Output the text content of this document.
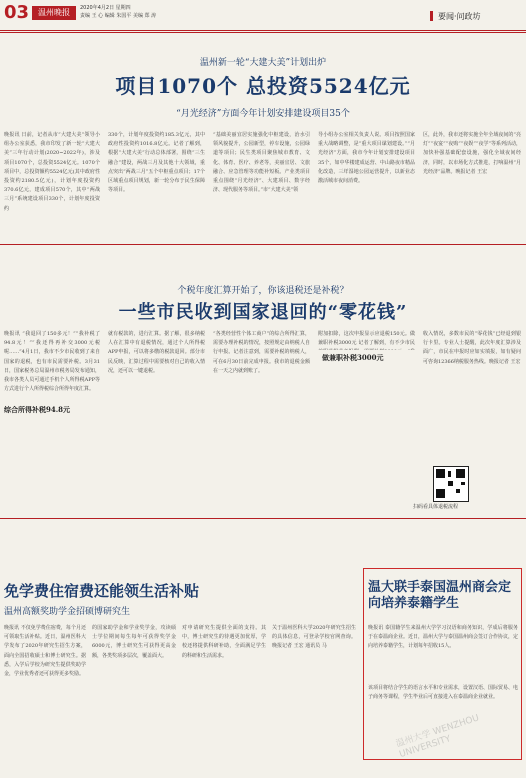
03	温州晚报	2020年4月2日 星期四
责编 王 心 编辑 朱国平 美编 郑 涛	要闻·问政坊
温州新一轮“大建大美”计划出炉
项目1070个 总投资5524亿元
“月光经济”方面今年计划安排建设项目35个
晚报讯 日前，记者从市“大建大美”领导小组办公室获悉，我市印发了新一轮“大建大美”三年行动计划(2020~2022年)，涉及项目1070个，总投资5524亿元。1070个项目中，总投资额约5524亿元(其中政府性投资约2180.5亿元)，计划年度投资约370.6亿元，建成项目570个，其中“两战三月”系统建设项目330个，计划年度投资约
330个，计划年度投资约185.3亿元，其中政府性投资约1016.8亿元。记者了解到，根据“大建大美”行动总体部署，围绕“三生融合”建设，两战三月及其他十大领域，重点突出“两战三月”五个中枢重点项目；17个区域重点项目规划，新一轮分布于民生保障等项目。
“基础美丽宜居实施强化中枢建设，治水引领风貌提升，公园新型，停车设施，公园绿道等项目；民生类项目聚焦城市教育、文化、体育、医疗、养老等，美丽宜居、文旅融合、应急管理等功能补短板。产业类项目重点围绕“月光经济”、大建项目、数字经济、现代服务等项目。”市“大建大美”领
导小组办公室相关负责人说。项目按照国家重大战略调整，是“重大项目谋划建设。”“月光经济”方面，我市今年计划安排建设项目35个，如中华楼建成运营、中山路夜市精品化改造，三垟湿地公园运营提升，以新业态激活城市夜间消费。
区，此外，我市还将实施全年全域夜间的“亮灯”“夜宴”“夜购”“夜娱”“夜学”等系列活动，加快补强基础配套设施，强化全域夜间经济，同时，以市场化方式推进，打响温州“月光经济”品牌。晚报记者 王宏
个税年度汇算开始了，你该退税还是补税？
一些市民收到国家退回的“零花钱”
晚报讯 “我退回了150多元！”“我补税了94.8元！”“我还得再补交3000元税呢……”4月1日，我市不少市民收到了来自国家的退税，也有市民需要补税。3月31日，国家税务总局温州市税务局发布通知，我市各类人员可通过手机个人所得税APP等方式进行个人所得税综合所得年度汇算。
综合所得补税94.8元
就有税款的，进行汇算。据了解，很多纳税人在汇算中有退税情况，通过个人所得税APP申报，可以将多缴的税款退回。部分市民反映，汇算过程中需要核对自己的收入情况，还可以一键退税。
“各类经营性个体工商户”的综合所得汇算，需要办理补税的情况，按照规定由纳税人自行申报。记者注意到，需要补税的纳税人，可在6月30日前完成申报。我市的退税金额在一天之内就到账了。
附加扣除，这次申报显示应退税150元。做兼职补税3000元 记者了解到，有不少市民
做兼职补税3000元
收入情况，多数市民的“零花钱”已经退到银行卡里。专业人士提醒，此次年度汇算涉及面广，市民在申报时应如实填报，如有疑问可咨询12366纳税服务热线。晚报记者 王宏
扫码看具体退税流程
免学费住宿费还能领生活补贴
温州高额奖助学金招硕博研究生
晚报讯 不仅免学费住宿费，每个月还可领取生活补贴。近日，温州医科大学发布了2020年研究生招生方案，面向全国招收硕士和博士研究生。据悉，入学后学校为研究生提供奖助学金，学业优秀者还可获得更多奖励。
的国家助学金和学业奖学金，攻读硕士学位期间每生每年可获得奖学金6000元，博士研究生可获得更高金额，各类奖项多层次，覆盖面大。
对申请研究生提供全面的支持。其中，博士研究生的待遇更加优厚，学校还将提供科研补助，全面满足学生的科研和生活需求。
关于温州医科大学2020年研究生招生的具体信息，可登录学校官网查询。晚报记者 王宏 通讯员 马
温大联手泰国温州商会定向培养泰籍学生
晚报讯 泰国籍学生来温州大学学习汉语和商务知识，学成后将服务于在泰温商企业。近日，温州大学与泰国温州商会签订合作协议，定向培养泰籍学生，计划每年招收15人。
该项目将结合学生的语言水平和专业需求，设置汉语、国际贸易、电子商务等课程，学生毕业后可直接进入在泰温商企业就业。
温州大学 WENZHOU UNIVERSITY
